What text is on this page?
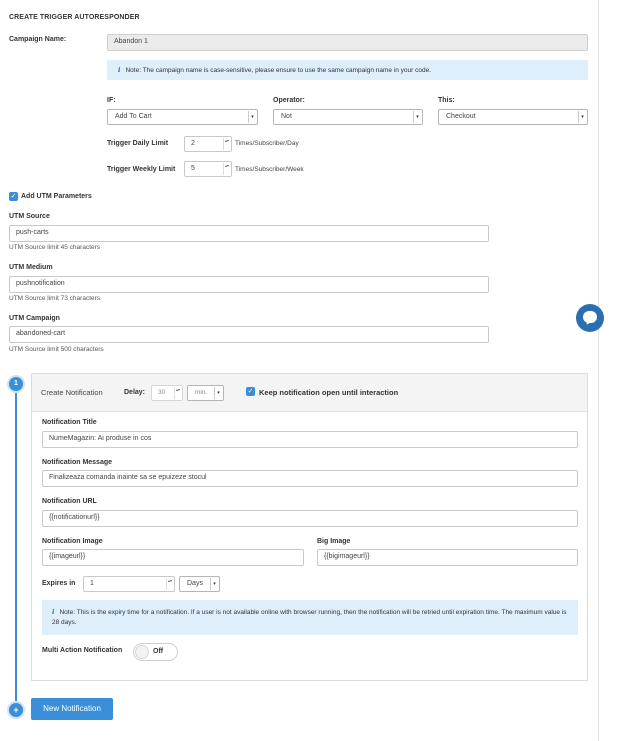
CREATE TRIGGER AUTORESPONDER
Campaign Name:	Abandon 1
i Note: The campaign name is case-sensitive, please ensure to use the same campaign name in your code.
IF:
Add To Cart	▾
Operator:
Not	▾
This:
Checkout	▾
Trigger Daily Limit	2	▴▾ Times/Subscriber/Day
Trigger Weekly Limit	5	▴▾
Times/Subscriber/Week
✓ Add UTM Parameters
UTM Source
push-carts
UTM Source limit 45 characters
UTM Medium
pushnotification
UTM Source limit 73 characters
UTM Campaign
abandoned-cart
UTM Source limit 500 characters
1
Create Notification	Delay:	30	▴▾	min.	▾	✓ Keep notification open until interaction
Notification Title
NumeMagazin: Ai produse in cos
Notification Message
Finalizeaza comanda inainte sa se epuizeze stocul
Notification URL
{{notificationurl}}
Notification Image
{{imageurl}}
Big Image
{{bigimageurl}}
Expires in	1	▴▾	Days	▾
i Note: This is the expiry time for a notification. If a user is not available online with browser running, then the notification will be retried until expiration time. The maximum value is 28 days.
Multi Action Notification	Off
+	New Notification
